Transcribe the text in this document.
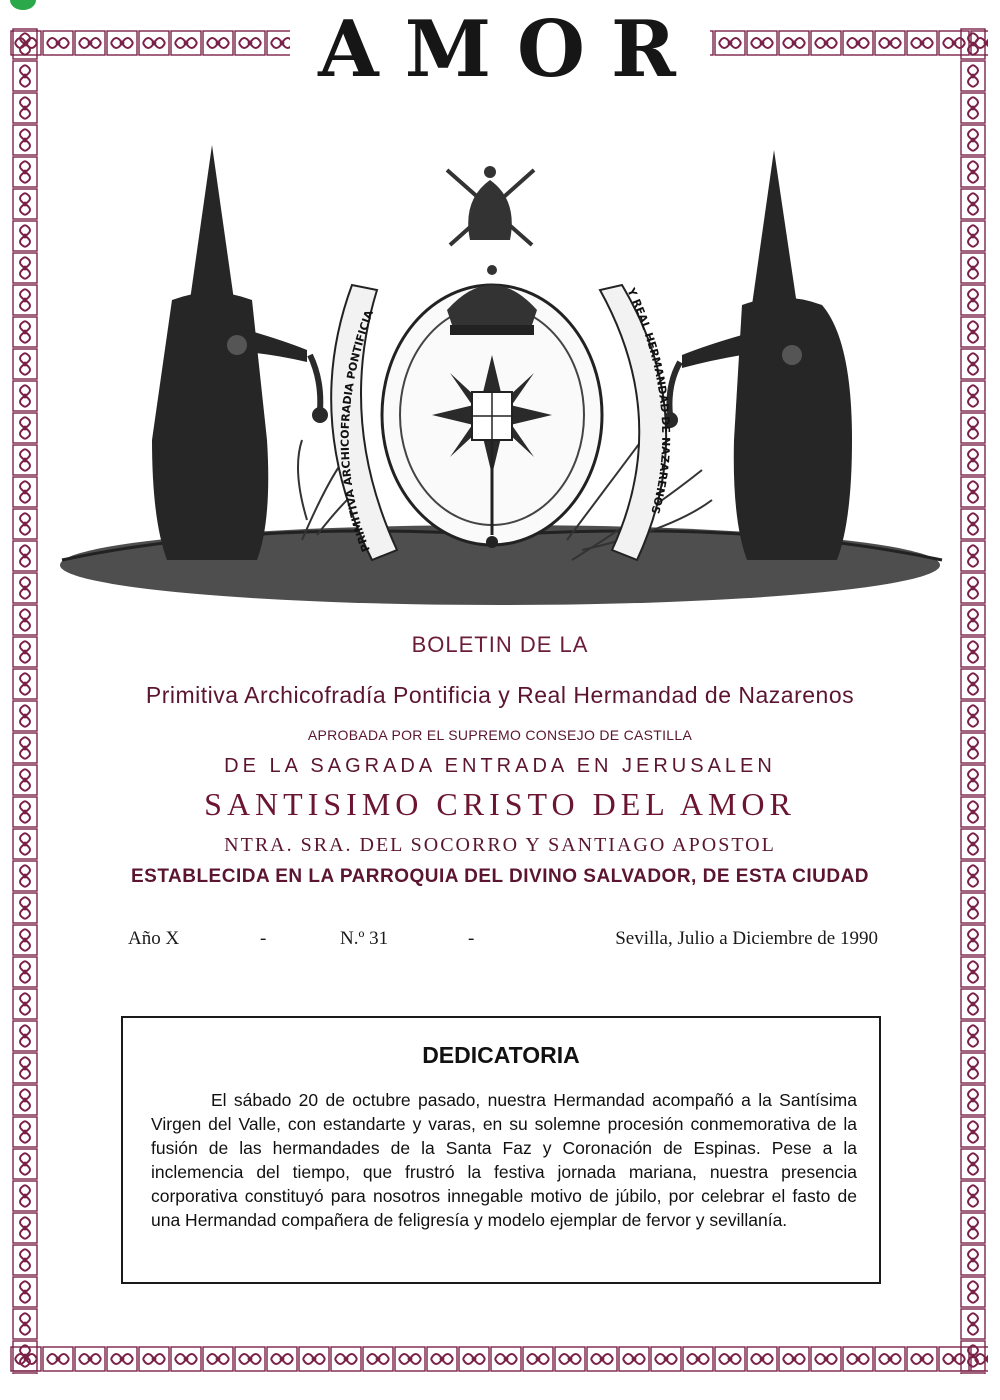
AMOR
PRIMITIVA ARCHICOFRADIA PONTIFICIA
Y REAL HERMANDAD DE NAZARENOS
BOLETIN DE LA
Primitiva Archicofradía Pontificia y Real Hermandad de Nazarenos
APROBADA POR EL SUPREMO CONSEJO DE CASTILLA
DE LA SAGRADA ENTRADA EN JERUSALEN
SANTISIMO CRISTO DEL AMOR
NTRA. SRA. DEL SOCORRO Y SANTIAGO APOSTOL
ESTABLECIDA EN LA PARROQUIA DEL DIVINO SALVADOR, DE ESTA CIUDAD
Año X	-	N.º 31	-	Sevilla, Julio a Diciembre de 1990
DEDICATORIA
El sábado 20 de octubre pasado, nuestra Hermandad acompañó a la Santísima Virgen del Valle, con estandarte y varas, en su solemne procesión conmemorativa de la fusión de las hermandades de la Santa Faz y Coronación de Espinas. Pese a la inclemencia del tiempo, que frustró la festiva jornada mariana, nuestra presencia corporativa constituyó para nosotros innegable motivo de júbilo, por celebrar el fasto de una Hermandad compañera de feligresía y modelo ejemplar de fervor y sevillanía.
